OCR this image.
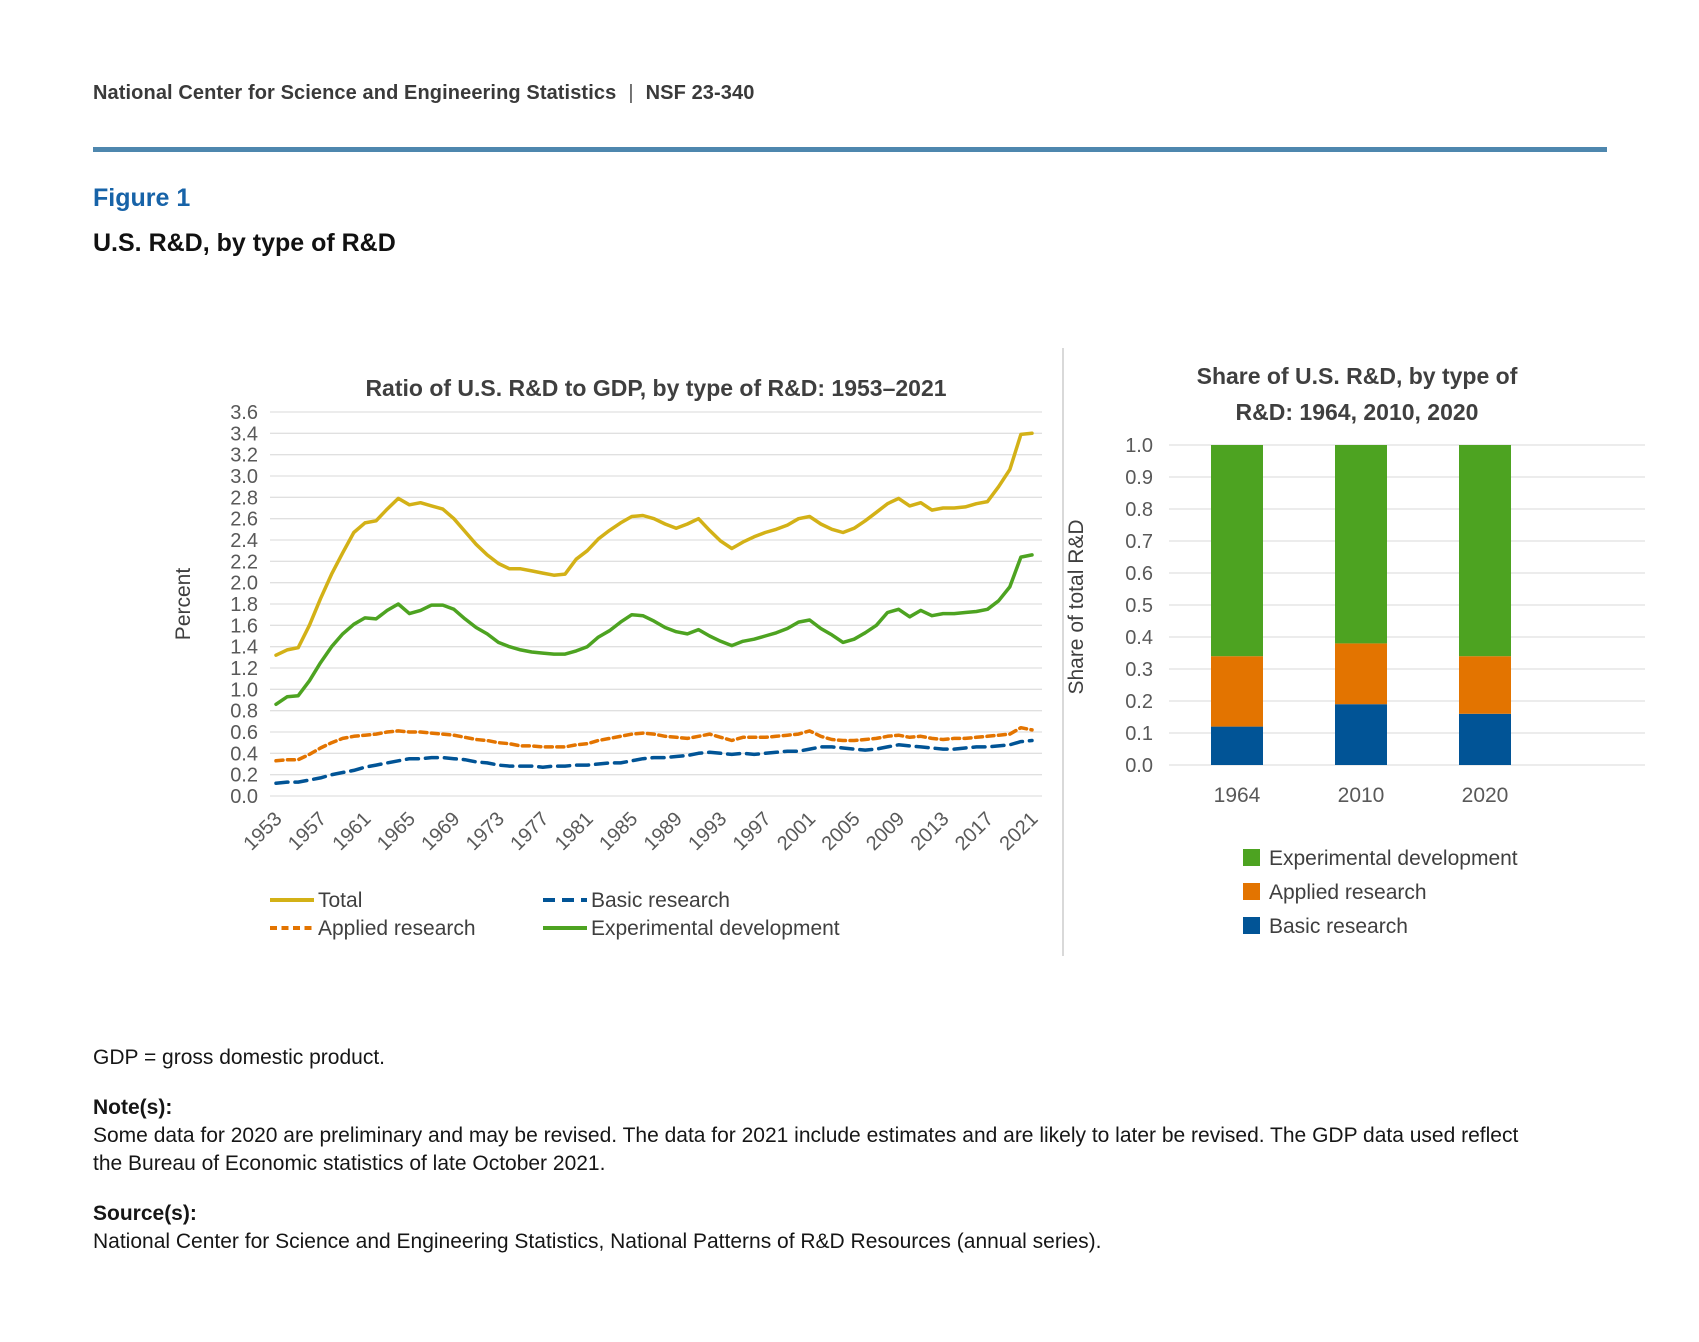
National Center for Science and Engineering Statistics | NSF 23-340
Figure 1
U.S. R&D, by type of R&D
Ratio of U.S. R&D to GDP, by type of R&D: 1953–2021
Percent
0.0
0.2
0.4
0.6
0.8
1.0
1.2
1.4
1.6
1.8
2.0
2.2
2.4
2.6
2.8
3.0
3.2
3.4
3.6
1953
1957
1961
1965
1969
1973
1977
1981
1985
1989
1993
1997
2001
2005
2009
2013
2017
2021
Total	Basic research
Applied research	Experimental development
Share of U.S. R&D, by type of
R&D: 1964, 2010, 2020
Share of total R&D
0.0
0.1
0.2
0.3
0.4
0.5
0.6
0.7
0.8
0.9
1.0
1964	2010	2020
Experimental development
Applied research
Basic research

GDP = gross domestic product.

Note(s):

Some data for 2020 are preliminary and may be revised. The data for 2021 include estimates and are likely to later be revised. The GDP data used reflect the Bureau of Economic statistics of late October 2021.

Source(s):

National Center for Science and Engineering Statistics, National Patterns of R&D Resources (annual series).
